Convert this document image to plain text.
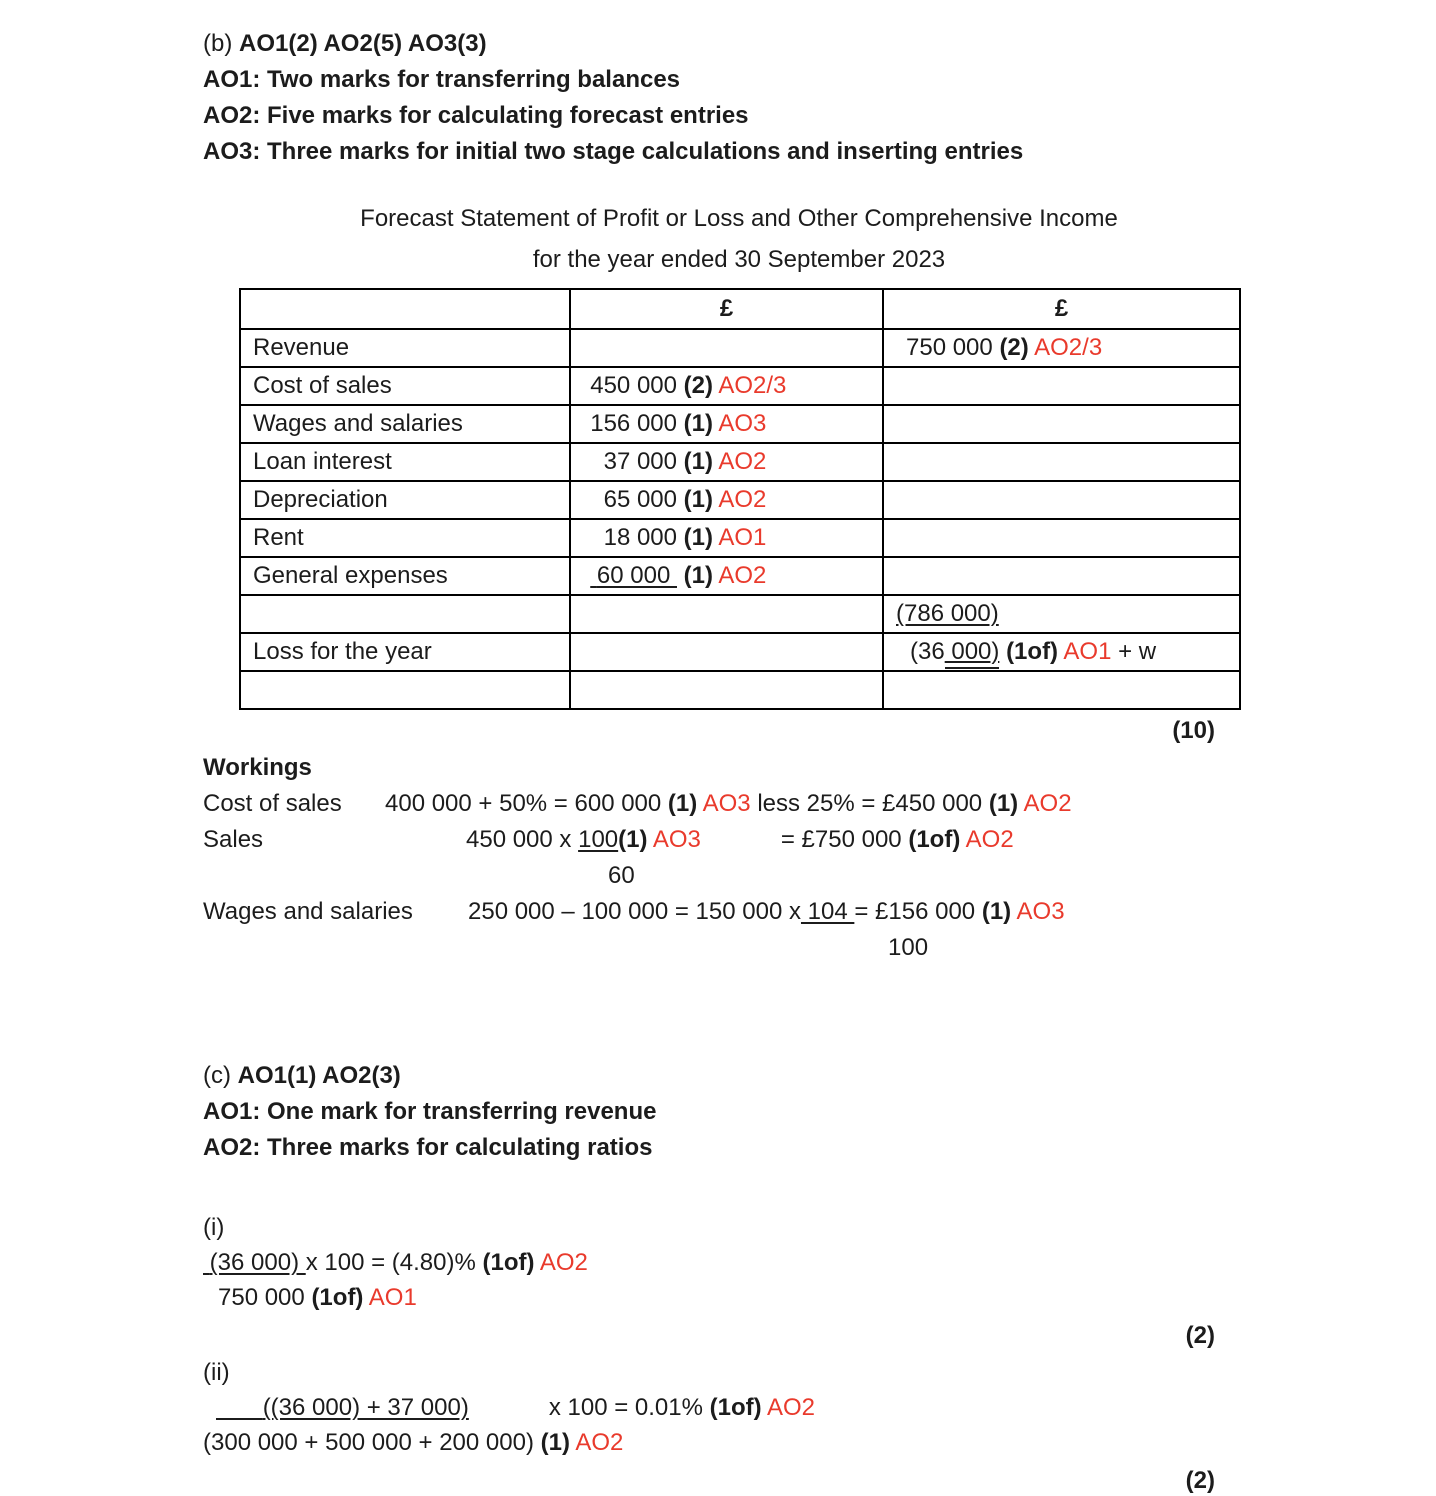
(b) AO1(2) AO2(5) AO3(3)
AO1: Two marks for transferring balances
AO2: Five marks for calculating forecast entries
AO3: Three marks for initial two stage calculations and inserting entries
Forecast Statement of Profit or Loss and Other Comprehensive Income
for the year ended 30 September 2023
	£	£
Revenue		750 000 (2) AO2/3
Cost of sales	450 000 (2) AO2/3	
Wages and salaries	156 000 (1) AO3	
Loan interest	37 000 (1) AO2	
Depreciation	65 000 (1) AO2	
Rent	18 000 (1) AO1	
General expenses	60 000  (1) AO2	
		(786 000)
Loss for the year		(36 000) (1of) AO1 + w

(10)
Workings
Cost of sales 400 000 + 50% = 600 000 (1) AO3 less 25% = £450 000 (1) AO2
Sales	450 000 x 100(1) AO3	= £750 000 (1of) AO2
60
Wages and salaries 250 000 – 100 000 = 150 000 x 104 = £156 000 (1) AO3
100
(c) AO1(1) AO2(3)
AO1: One mark for transferring revenue
AO2: Three marks for calculating ratios
(i)
(36 000) x 100 = (4.80)% (1of) AO2
750 000 (1of) AO1
(2)
(ii)
((36 000) + 37 000)	x 100 = 0.01% (1of) AO2
(300 000 + 500 000 + 200 000) (1) AO2
(2)
